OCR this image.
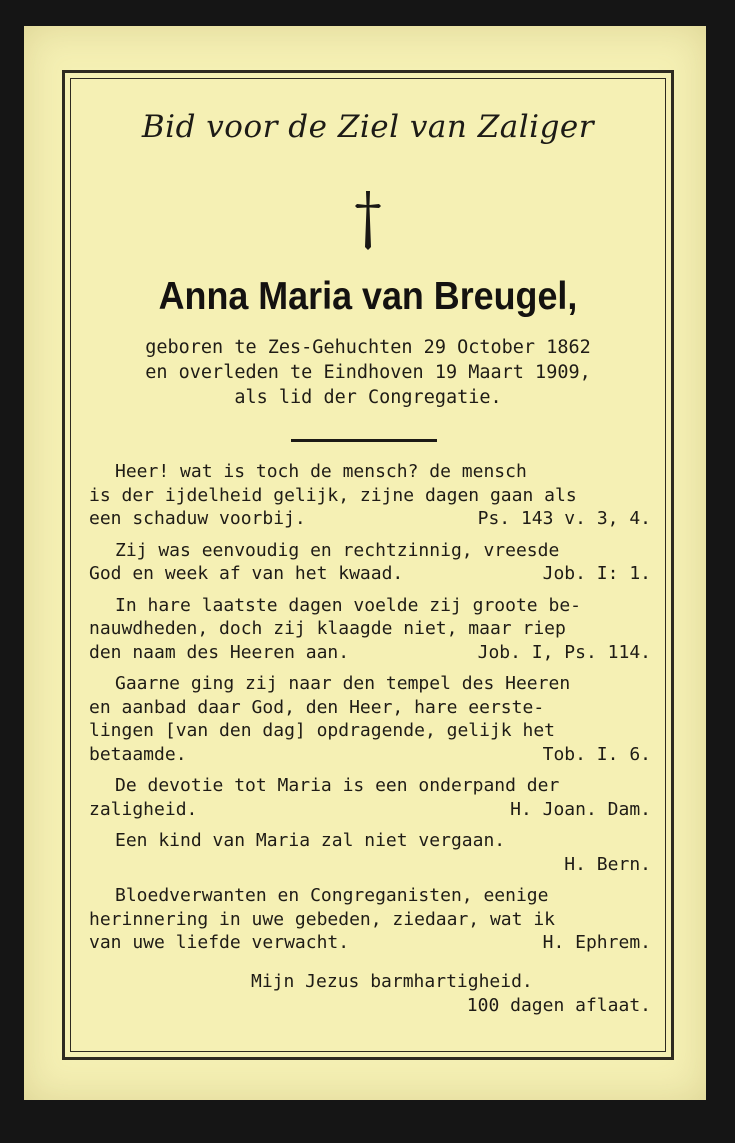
Bid voor de Ziel van Zaliger
Anna Maria van Breugel,
geboren te Zes-Gehuchten 29 October 1862
en overleden te Eindhoven 19 Maart 1909,
als lid der Congregatie.
Heer! wat is toch de mensch? de mensch
is der ijdelheid gelijk, zijne dagen gaan als
een schaduw voorbij.	Ps. 143 v. 3, 4.
Zij was eenvoudig en rechtzinnig, vreesde
God en week af van het kwaad.	Job. I: 1.
In hare laatste dagen voelde zij groote be-
nauwdheden, doch zij klaagde niet, maar riep
den naam des Heeren aan.	Job. I, Ps. 114.
Gaarne ging zij naar den tempel des Heeren
en aanbad daar God, den Heer, hare eerste-
lingen [van den dag] opdragende, gelijk het
betaamde.	Tob. I. 6.
De devotie tot Maria is een onderpand der
zaligheid.	H. Joan. Dam.
Een kind van Maria zal niet vergaan.
H. Bern.
Bloedverwanten en Congreganisten, eenige
herinnering in uwe gebeden, ziedaar, wat ik
van uwe liefde verwacht.	H. Ephrem.
Mijn Jezus barmhartigheid.
100 dagen aflaat.
